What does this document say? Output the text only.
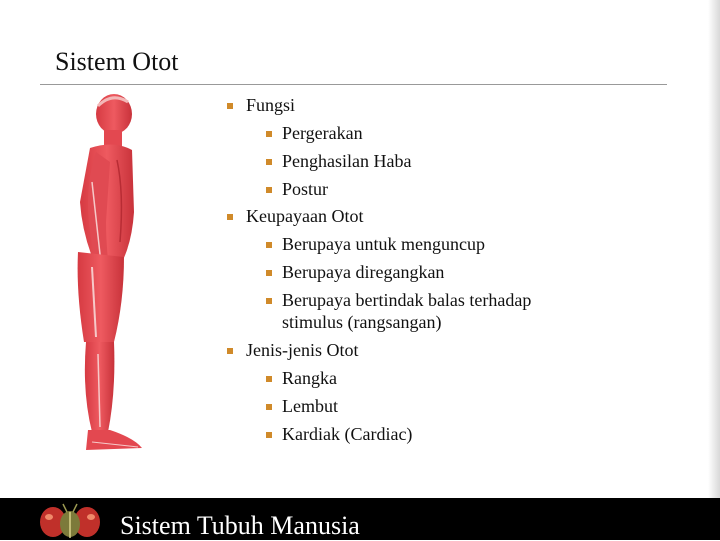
Sistem Otot
Fungsi
Pergerakan
Penghasilan Haba
Postur
Keupayaan Otot
Berupaya untuk menguncup
Berupaya diregangkan
Berupaya bertindak balas terhadap
stimulus (rangsangan)
Jenis-jenis Otot
Rangka
Lembut
Kardiak (Cardiac)
Sistem Tubuh Manusia
